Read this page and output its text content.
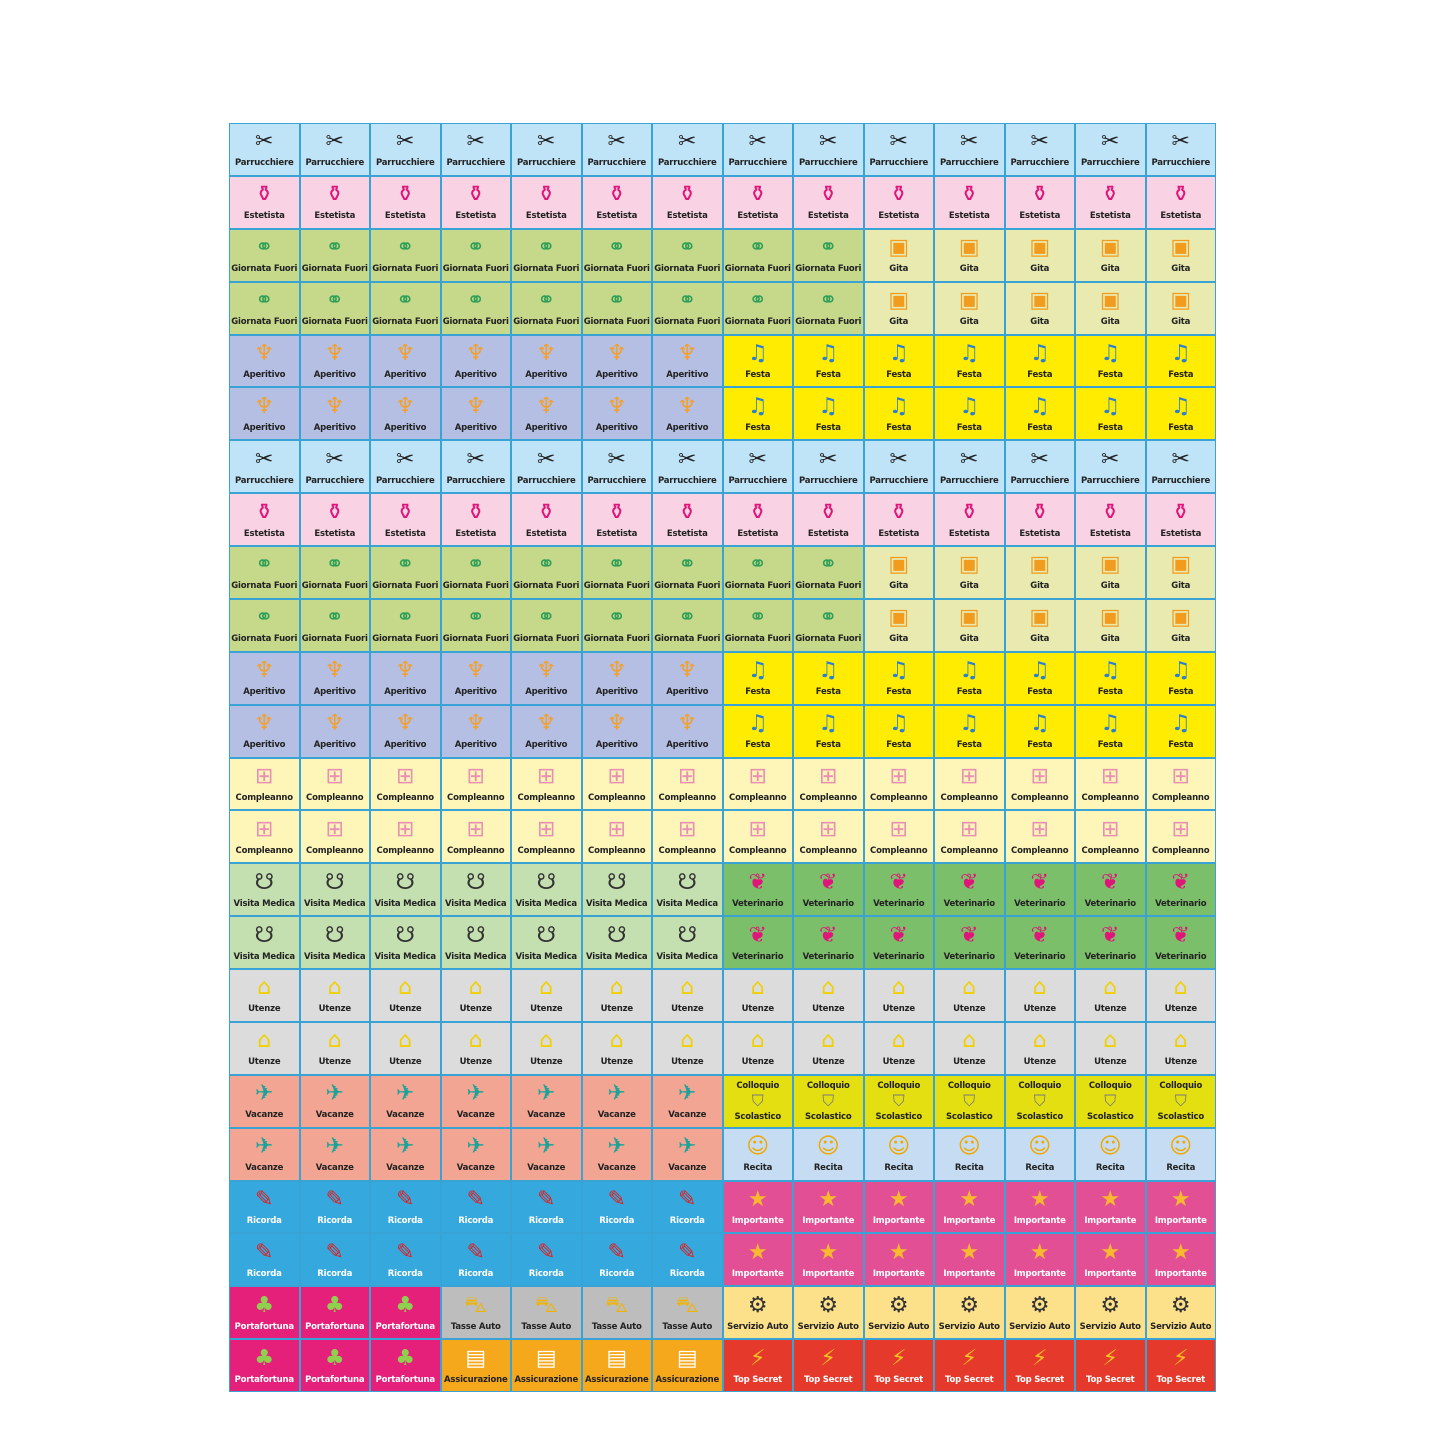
✂
Parrucchiere
✂
Parrucchiere
✂
Parrucchiere
✂
Parrucchiere
✂
Parrucchiere
✂
Parrucchiere
✂
Parrucchiere
✂
Parrucchiere
✂
Parrucchiere
✂
Parrucchiere
✂
Parrucchiere
✂
Parrucchiere
✂
Parrucchiere
✂
Parrucchiere
⚱
Estetista
⚱
Estetista
⚱
Estetista
⚱
Estetista
⚱
Estetista
⚱
Estetista
⚱
Estetista
⚱
Estetista
⚱
Estetista
⚱
Estetista
⚱
Estetista
⚱
Estetista
⚱
Estetista
⚱
Estetista
⚭
Giornata Fuori
⚭
Giornata Fuori
⚭
Giornata Fuori
⚭
Giornata Fuori
⚭
Giornata Fuori
⚭
Giornata Fuori
⚭
Giornata Fuori
⚭
Giornata Fuori
⚭
Giornata Fuori
▣
Gita
▣
Gita
▣
Gita
▣
Gita
▣
Gita
⚭
Giornata Fuori
⚭
Giornata Fuori
⚭
Giornata Fuori
⚭
Giornata Fuori
⚭
Giornata Fuori
⚭
Giornata Fuori
⚭
Giornata Fuori
⚭
Giornata Fuori
⚭
Giornata Fuori
▣
Gita
▣
Gita
▣
Gita
▣
Gita
▣
Gita
♆
Aperitivo
♆
Aperitivo
♆
Aperitivo
♆
Aperitivo
♆
Aperitivo
♆
Aperitivo
♆
Aperitivo
♫
Festa
♫
Festa
♫
Festa
♫
Festa
♫
Festa
♫
Festa
♫
Festa
♆
Aperitivo
♆
Aperitivo
♆
Aperitivo
♆
Aperitivo
♆
Aperitivo
♆
Aperitivo
♆
Aperitivo
♫
Festa
♫
Festa
♫
Festa
♫
Festa
♫
Festa
♫
Festa
♫
Festa
✂
Parrucchiere
✂
Parrucchiere
✂
Parrucchiere
✂
Parrucchiere
✂
Parrucchiere
✂
Parrucchiere
✂
Parrucchiere
✂
Parrucchiere
✂
Parrucchiere
✂
Parrucchiere
✂
Parrucchiere
✂
Parrucchiere
✂
Parrucchiere
✂
Parrucchiere
⚱
Estetista
⚱
Estetista
⚱
Estetista
⚱
Estetista
⚱
Estetista
⚱
Estetista
⚱
Estetista
⚱
Estetista
⚱
Estetista
⚱
Estetista
⚱
Estetista
⚱
Estetista
⚱
Estetista
⚱
Estetista
⚭
Giornata Fuori
⚭
Giornata Fuori
⚭
Giornata Fuori
⚭
Giornata Fuori
⚭
Giornata Fuori
⚭
Giornata Fuori
⚭
Giornata Fuori
⚭
Giornata Fuori
⚭
Giornata Fuori
▣
Gita
▣
Gita
▣
Gita
▣
Gita
▣
Gita
⚭
Giornata Fuori
⚭
Giornata Fuori
⚭
Giornata Fuori
⚭
Giornata Fuori
⚭
Giornata Fuori
⚭
Giornata Fuori
⚭
Giornata Fuori
⚭
Giornata Fuori
⚭
Giornata Fuori
▣
Gita
▣
Gita
▣
Gita
▣
Gita
▣
Gita
♆
Aperitivo
♆
Aperitivo
♆
Aperitivo
♆
Aperitivo
♆
Aperitivo
♆
Aperitivo
♆
Aperitivo
♫
Festa
♫
Festa
♫
Festa
♫
Festa
♫
Festa
♫
Festa
♫
Festa
♆
Aperitivo
♆
Aperitivo
♆
Aperitivo
♆
Aperitivo
♆
Aperitivo
♆
Aperitivo
♆
Aperitivo
♫
Festa
♫
Festa
♫
Festa
♫
Festa
♫
Festa
♫
Festa
♫
Festa
⊞
Compleanno
⊞
Compleanno
⊞
Compleanno
⊞
Compleanno
⊞
Compleanno
⊞
Compleanno
⊞
Compleanno
⊞
Compleanno
⊞
Compleanno
⊞
Compleanno
⊞
Compleanno
⊞
Compleanno
⊞
Compleanno
⊞
Compleanno
⊞
Compleanno
⊞
Compleanno
⊞
Compleanno
⊞
Compleanno
⊞
Compleanno
⊞
Compleanno
⊞
Compleanno
⊞
Compleanno
⊞
Compleanno
⊞
Compleanno
⊞
Compleanno
⊞
Compleanno
⊞
Compleanno
⊞
Compleanno
☋
Visita Medica
☋
Visita Medica
☋
Visita Medica
☋
Visita Medica
☋
Visita Medica
☋
Visita Medica
☋
Visita Medica
❦
Veterinario
❦
Veterinario
❦
Veterinario
❦
Veterinario
❦
Veterinario
❦
Veterinario
❦
Veterinario
☋
Visita Medica
☋
Visita Medica
☋
Visita Medica
☋
Visita Medica
☋
Visita Medica
☋
Visita Medica
☋
Visita Medica
❦
Veterinario
❦
Veterinario
❦
Veterinario
❦
Veterinario
❦
Veterinario
❦
Veterinario
❦
Veterinario
⌂
Utenze
⌂
Utenze
⌂
Utenze
⌂
Utenze
⌂
Utenze
⌂
Utenze
⌂
Utenze
⌂
Utenze
⌂
Utenze
⌂
Utenze
⌂
Utenze
⌂
Utenze
⌂
Utenze
⌂
Utenze
⌂
Utenze
⌂
Utenze
⌂
Utenze
⌂
Utenze
⌂
Utenze
⌂
Utenze
⌂
Utenze
⌂
Utenze
⌂
Utenze
⌂
Utenze
⌂
Utenze
⌂
Utenze
⌂
Utenze
⌂
Utenze
✈
Vacanze
✈
Vacanze
✈
Vacanze
✈
Vacanze
✈
Vacanze
✈
Vacanze
✈
Vacanze
Colloquio
⛉
Scolastico
Colloquio
⛉
Scolastico
Colloquio
⛉
Scolastico
Colloquio
⛉
Scolastico
Colloquio
⛉
Scolastico
Colloquio
⛉
Scolastico
Colloquio
⛉
Scolastico
✈
Vacanze
✈
Vacanze
✈
Vacanze
✈
Vacanze
✈
Vacanze
✈
Vacanze
✈
Vacanze
☺
Recita
☺
Recita
☺
Recita
☺
Recita
☺
Recita
☺
Recita
☺
Recita
✎
Ricorda
✎
Ricorda
✎
Ricorda
✎
Ricorda
✎
Ricorda
✎
Ricorda
✎
Ricorda
★
Importante
★
Importante
★
Importante
★
Importante
★
Importante
★
Importante
★
Importante
✎
Ricorda
✎
Ricorda
✎
Ricorda
✎
Ricorda
✎
Ricorda
✎
Ricorda
✎
Ricorda
★
Importante
★
Importante
★
Importante
★
Importante
★
Importante
★
Importante
★
Importante
♣
Portafortuna
♣
Portafortuna
♣
Portafortuna
⛍
Tasse Auto
⛍
Tasse Auto
⛍
Tasse Auto
⛍
Tasse Auto
⚙
Servizio Auto
⚙
Servizio Auto
⚙
Servizio Auto
⚙
Servizio Auto
⚙
Servizio Auto
⚙
Servizio Auto
⚙
Servizio Auto
♣
Portafortuna
♣
Portafortuna
♣
Portafortuna
▤
Assicurazione
▤
Assicurazione
▤
Assicurazione
▤
Assicurazione
⚡
Top Secret
⚡
Top Secret
⚡
Top Secret
⚡
Top Secret
⚡
Top Secret
⚡
Top Secret
⚡
Top Secret
